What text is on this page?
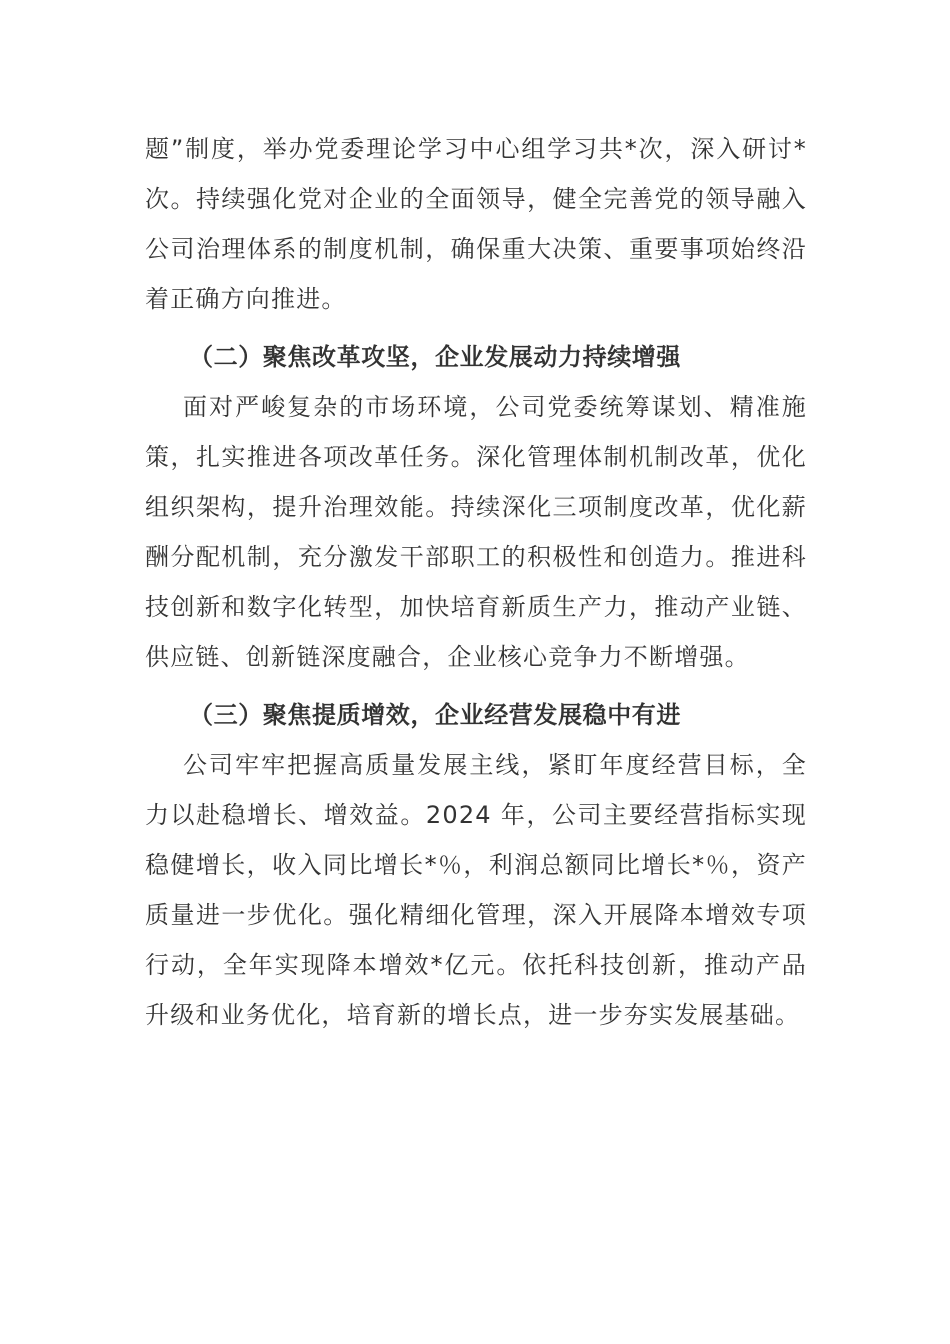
题”制度，举办党委理论学习中心组学习共*次，深入研讨*次。持续强化党对企业的全面领导，健全完善党的领导融入公司治理体系的制度机制，确保重大决策、重要事项始终沿着正确方向推进。

（二）聚焦改革攻坚，企业发展动力持续增强

面对严峻复杂的市场环境，公司党委统筹谋划、精准施策，扎实推进各项改革任务。深化管理体制机制改革，优化组织架构，提升治理效能。持续深化三项制度改革，优化薪酬分配机制，充分激发干部职工的积极性和创造力。推进科技创新和数字化转型，加快培育新质生产力，推动产业链、供应链、创新链深度融合，企业核心竞争力不断增强。

（三）聚焦提质增效，企业经营发展稳中有进

公司牢牢把握高质量发展主线，紧盯年度经营目标，全力以赴稳增长、增效益。2024 年，公司主要经营指标实现稳健增长，收入同比增长*％，利润总额同比增长*％，资产质量进一步优化。强化精细化管理，深入开展降本增效专项行动，全年实现降本增效*亿元。依托科技创新，推动产品升级和业务优化，培育新的增长点，进一步夯实发展基础。
